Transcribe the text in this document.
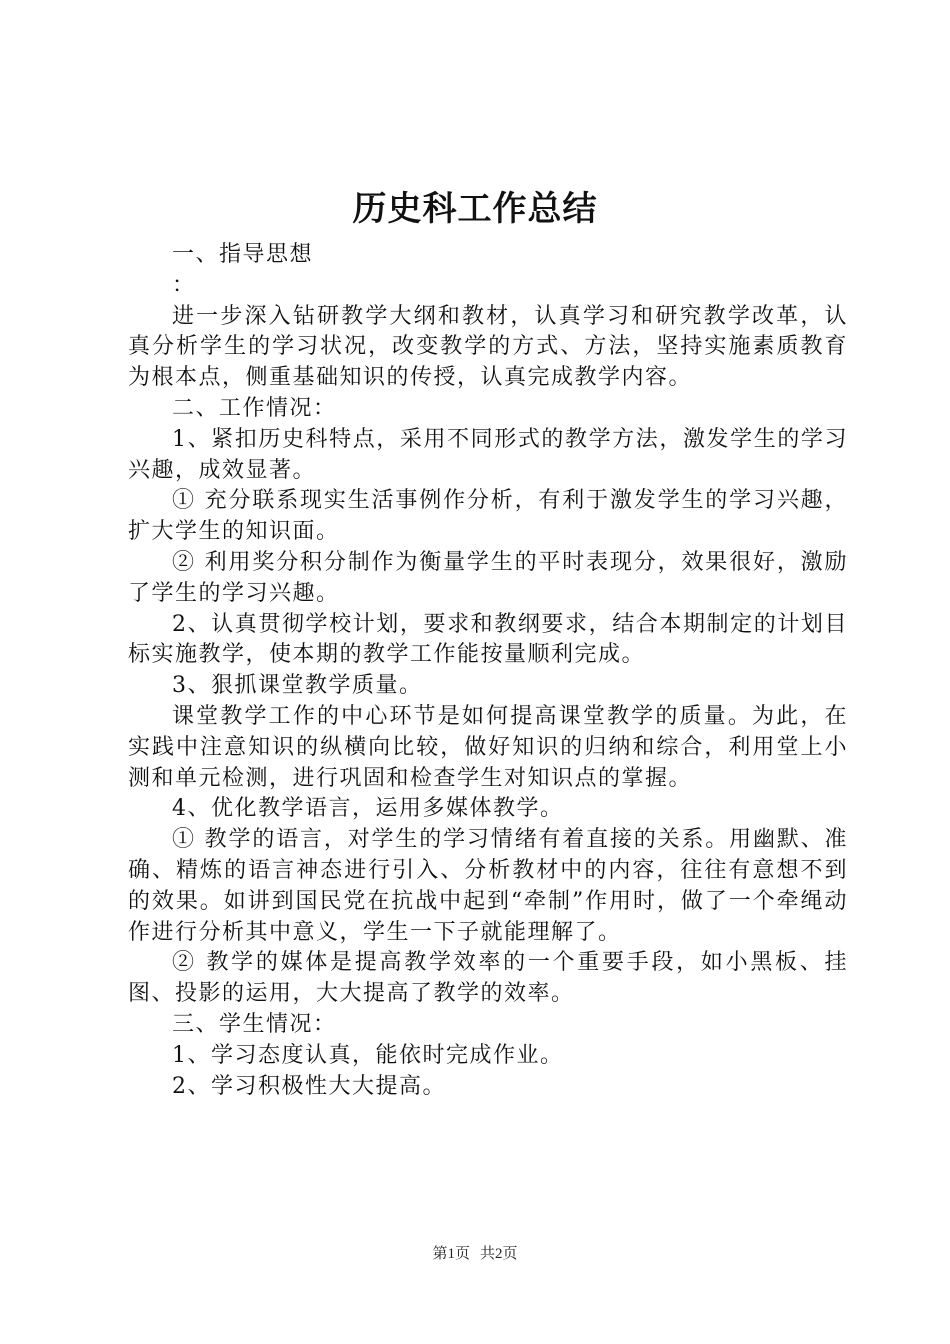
历史科工作总结

一、指导思想

：

进一步深入钻研教学大纲和教材，认真学习和研究教学改革，认真分析学生的学习状况，改变教学的方式、方法，坚持实施素质教育为根本点，侧重基础知识的传授，认真完成教学内容。

二、工作情况：

1、紧扣历史科特点，采用不同形式的教学方法，激发学生的学习兴趣，成效显著。

① 充分联系现实生活事例作分析，有利于激发学生的学习兴趣，扩大学生的知识面。

② 利用奖分积分制作为衡量学生的平时表现分，效果很好，激励了学生的学习兴趣。

2、认真贯彻学校计划，要求和教纲要求，结合本期制定的计划目标实施教学，使本期的教学工作能按量顺利完成。

3、狠抓课堂教学质量。

课堂教学工作的中心环节是如何提高课堂教学的质量。为此，在实践中注意知识的纵横向比较，做好知识的归纳和综合，利用堂上小测和单元检测，进行巩固和检查学生对知识点的掌握。

4、优化教学语言，运用多媒体教学。

① 教学的语言，对学生的学习情绪有着直接的关系。用幽默、准确、精炼的语言神态进行引入、分析教材中的内容，往往有意想不到的效果。如讲到国民党在抗战中起到“牵制”作用时，做了一个牵绳动作进行分析其中意义，学生一下子就能理解了。

② 教学的媒体是提高教学效率的一个重要手段，如小黑板、挂图、投影的运用，大大提高了教学的效率。

三、学生情况：

1、学习态度认真，能依时完成作业。

2、学习积极性大大提高。

第1页 共2页
